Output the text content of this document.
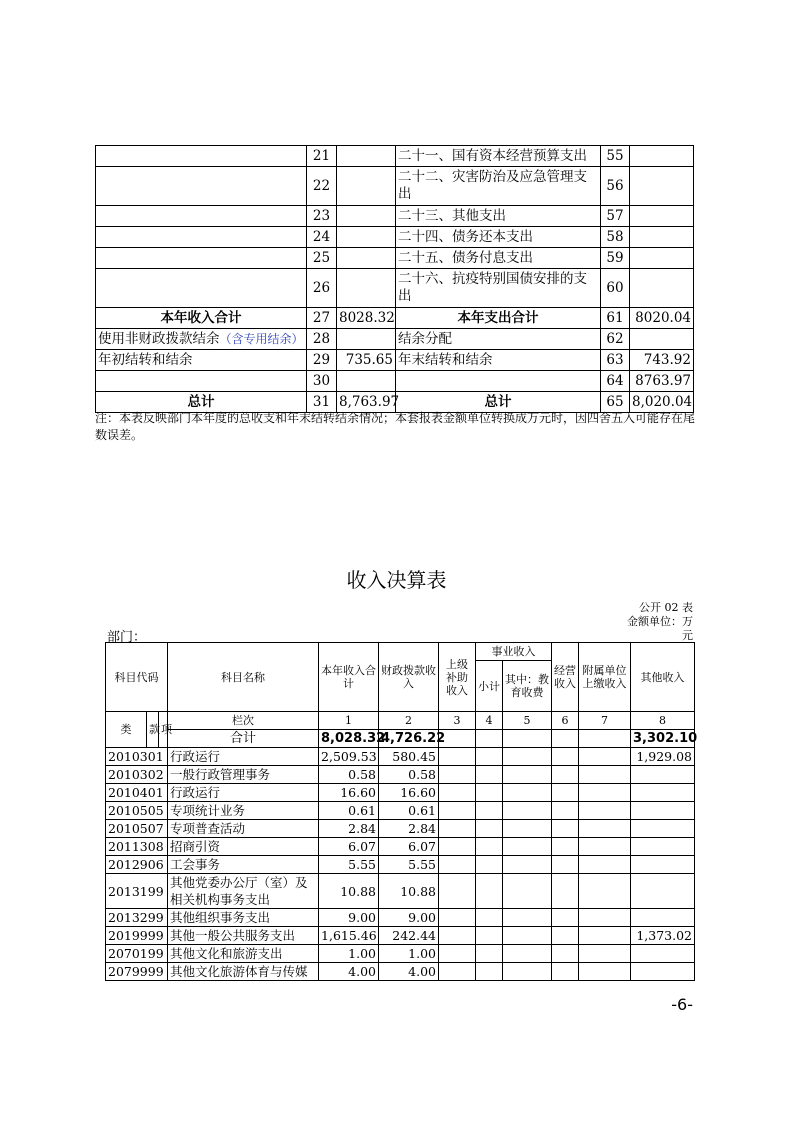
	21		二十一、国有资本经营预算支出	55	
	22		二十二、灾害防治及应急管理支出	56	
	23		二十三、其他支出	57	
	24		二十四、债务还本支出	58	
	25		二十五、债务付息支出	59	
	26		二十六、抗疫特别国债安排的支出	60	
本年收入合计	27	8028.32	本年支出合计	61	8020.04
使用非财政拨款结余（含专用结余）	28		结余分配	62	
年初结转和结余	29	735.65	年末结转和结余	63	743.92
	30			64	8763.97
总计	31	8,763.97	总计	65	8,020.04
注：本表反映部门本年度的总收支和年末结转结余情况；本套报表金额单位转换成万元时，因四舍五入可能存在尾数误差。
收入决算表
公开 02 表
金额单位：万
元
部门：
科目代码			科目名称	本年收入合计	财政拨款收入	上级补助收入	事业收入		经营收入	附属单位上缴收入	其他收入
							小计	其中：教育收费			
类	款	项	栏次	1	2	3	4	5	6	7	8
			合计	8,028.32	4,726.22						3,302.10
2010301			行政运行	2,509.53	580.45						1,929.08
2010302			一般行政管理事务	0.58	0.58						
2010401			行政运行	16.60	16.60						
2010505			专项统计业务	0.61	0.61						
2010507			专项普查活动	2.84	2.84						
2011308			招商引资	6.07	6.07						
2012906			工会事务	5.55	5.55						
2013199			其他党委办公厅（室）及相关机构事务支出	10.88	10.88						
2013299			其他组织事务支出	9.00	9.00						
2019999			其他一般公共服务支出	1,615.46	242.44						1,373.02
2070199			其他文化和旅游支出	1.00	1.00						
2079999			其他文化旅游体育与传媒	4.00	4.00						
-6-
